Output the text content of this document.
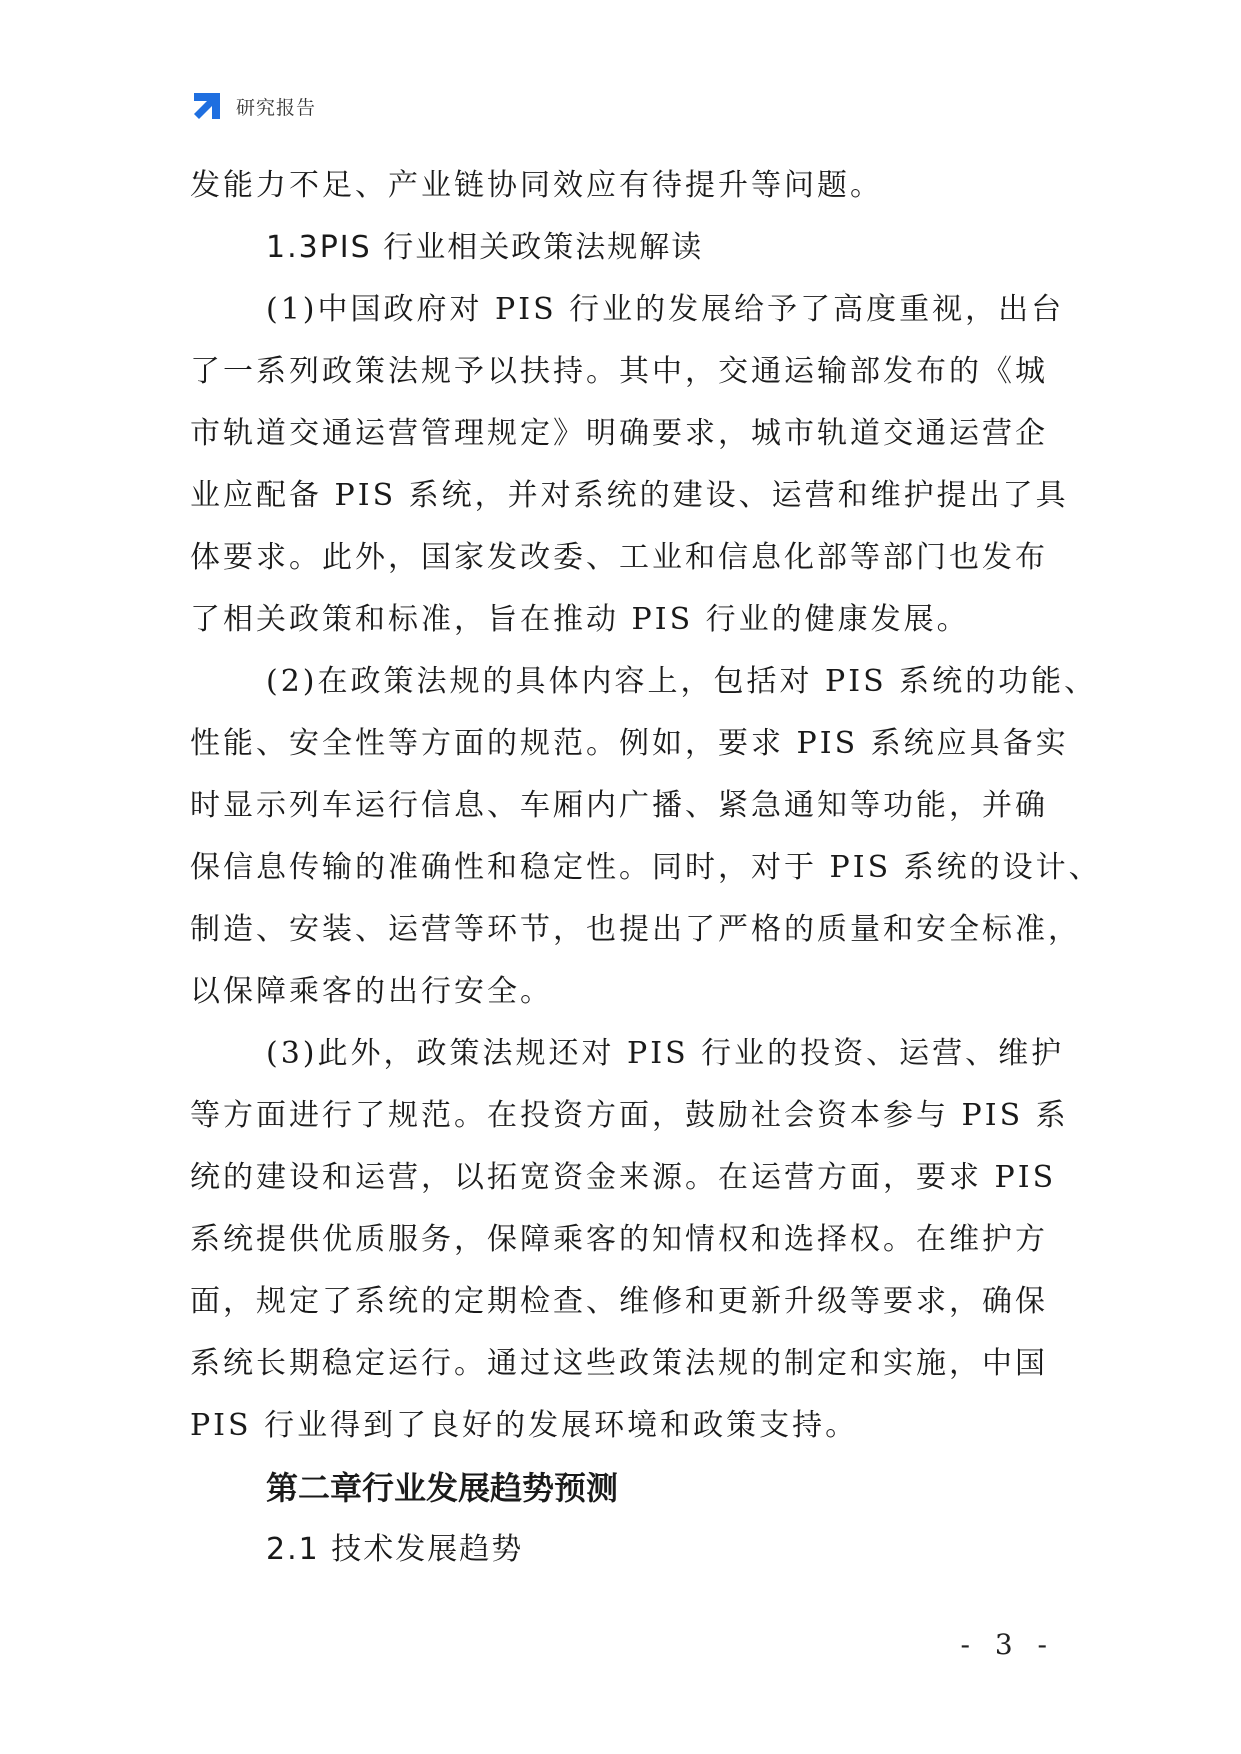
研究报告
发能力不足、产业链协同效应有待提升等问题。
1.3PIS 行业相关政策法规解读
(1)中国政府对 PIS 行业的发展给予了高度重视，出台
了一系列政策法规予以扶持。其中，交通运输部发布的《城
市轨道交通运营管理规定》明确要求，城市轨道交通运营企
业应配备 PIS 系统，并对系统的建设、运营和维护提出了具
体要求。此外，国家发改委、工业和信息化部等部门也发布
了相关政策和标准，旨在推动 PIS 行业的健康发展。
(2)在政策法规的具体内容上，包括对 PIS 系统的功能、
性能、安全性等方面的规范。例如，要求 PIS 系统应具备实
时显示列车运行信息、车厢内广播、紧急通知等功能，并确
保信息传输的准确性和稳定性。同时，对于 PIS 系统的设计、
制造、安装、运营等环节，也提出了严格的质量和安全标准，
以保障乘客的出行安全。
(3)此外，政策法规还对 PIS 行业的投资、运营、维护
等方面进行了规范。在投资方面，鼓励社会资本参与 PIS 系
统的建设和运营，以拓宽资金来源。在运营方面，要求 PIS
系统提供优质服务，保障乘客的知情权和选择权。在维护方
面，规定了系统的定期检查、维修和更新升级等要求，确保
系统长期稳定运行。通过这些政策法规的制定和实施，中国
PIS 行业得到了良好的发展环境和政策支持。
第二章行业发展趋势预测
2.1 技术发展趋势
- 3 -
